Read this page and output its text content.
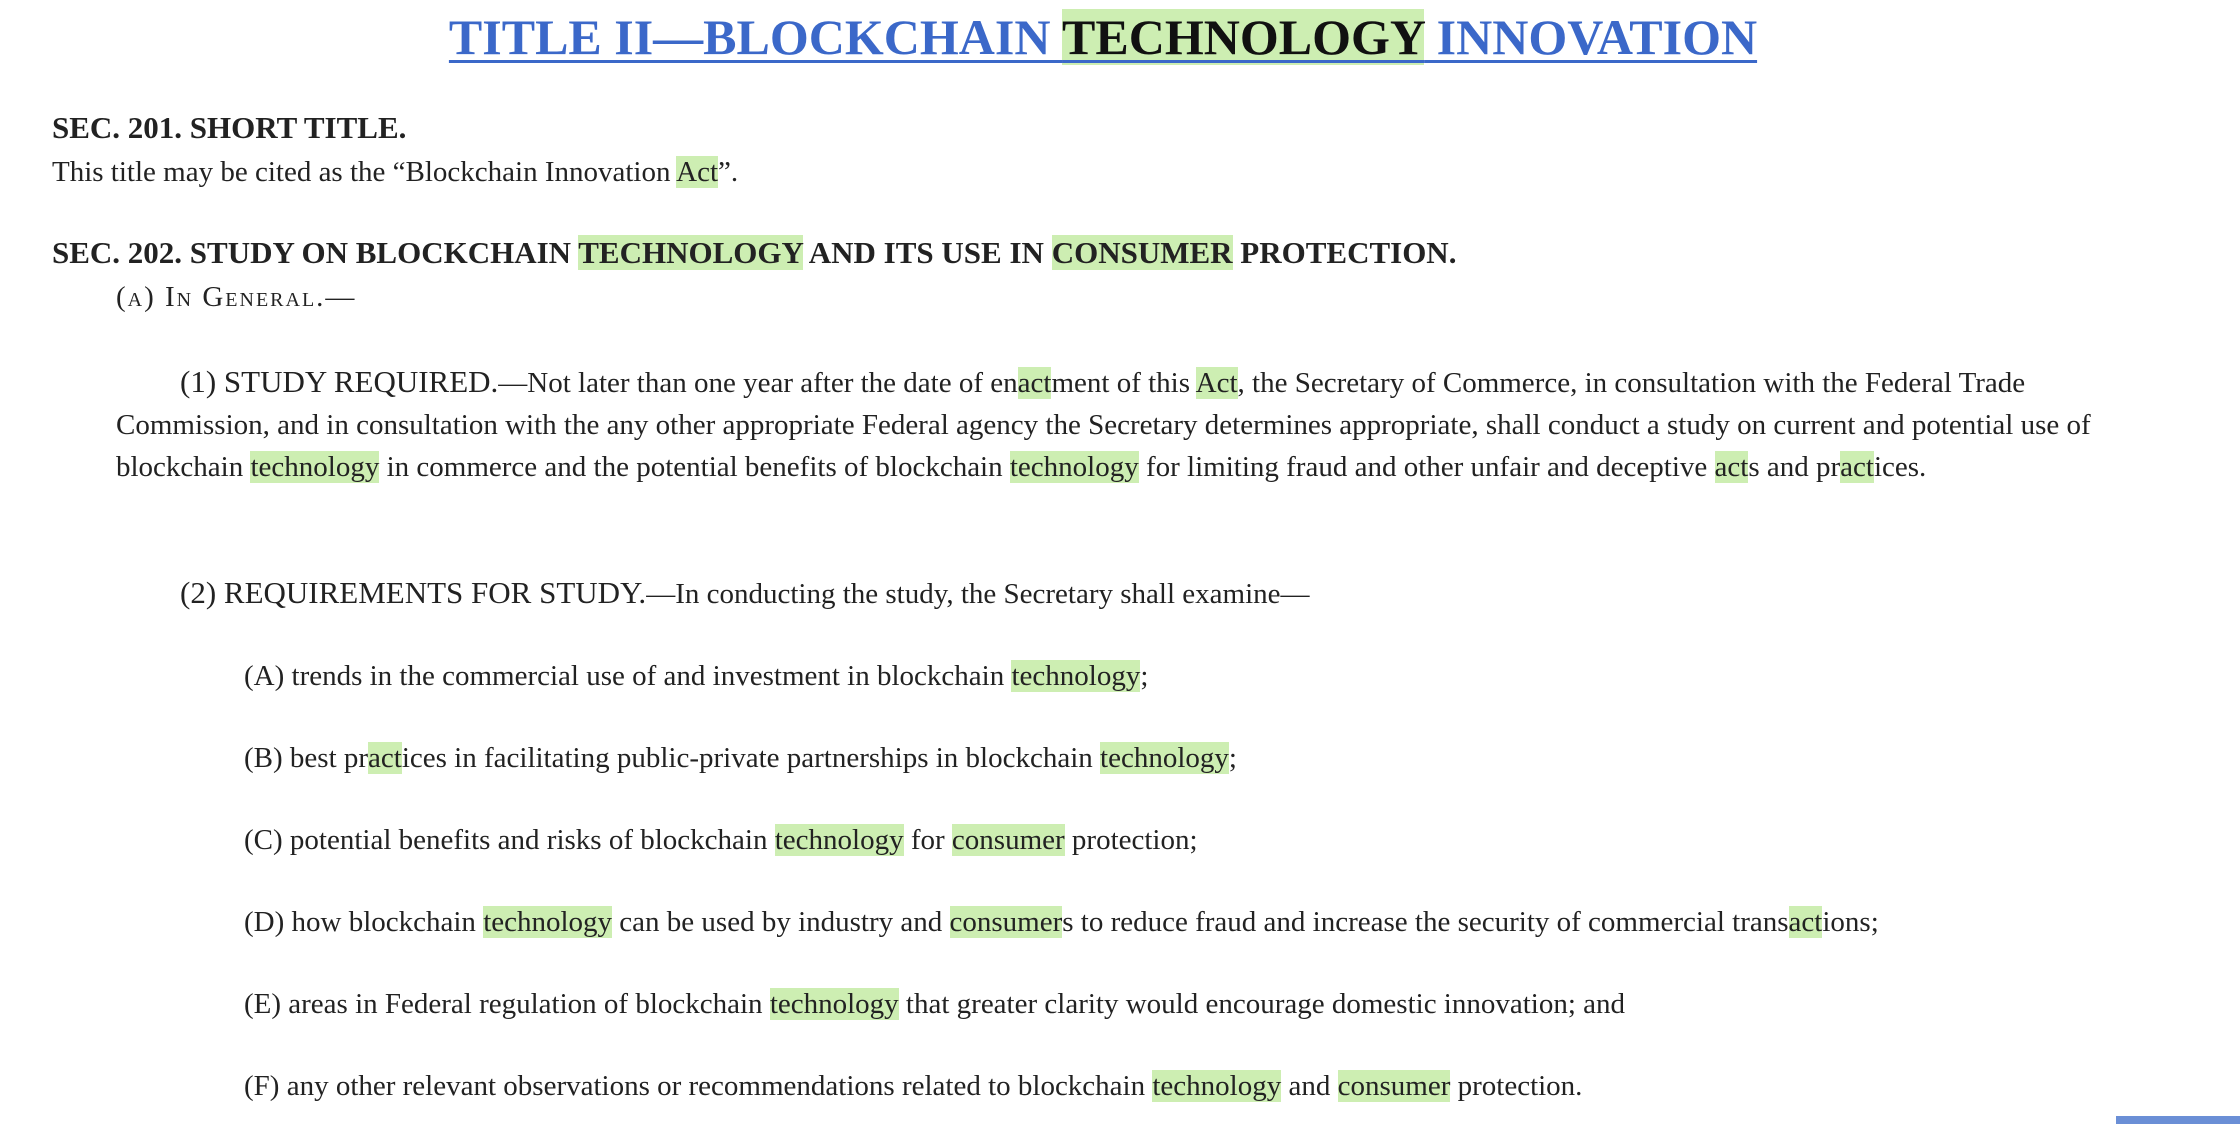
TITLE II—BLOCKCHAIN TECHNOLOGY INNOVATION
SEC. 201. SHORT TITLE.
This title may be cited as the “Blockchain Innovation Act”.
SEC. 202. STUDY ON BLOCKCHAIN TECHNOLOGY AND ITS USE IN CONSUMER PROTECTION.
(a) In General.—
(1) STUDY REQUIRED.—Not later than one year after the date of enactment of this Act, the Secretary of Commerce, in consultation with the Federal Trade Commission, and in consultation with the any other appropriate Federal agency the Secretary determines appropriate, shall conduct a study on current and potential use of blockchain technology in commerce and the potential benefits of blockchain technology for limiting fraud and other unfair and deceptive acts and practices.
(2) REQUIREMENTS FOR STUDY.—In conducting the study, the Secretary shall examine—
(A) trends in the commercial use of and investment in blockchain technology;
(B) best practices in facilitating public-private partnerships in blockchain technology;
(C) potential benefits and risks of blockchain technology for consumer protection;
(D) how blockchain technology can be used by industry and consumers to reduce fraud and increase the security of commercial transactions;
(E) areas in Federal regulation of blockchain technology that greater clarity would encourage domestic innovation; and
(F) any other relevant observations or recommendations related to blockchain technology and consumer protection.
